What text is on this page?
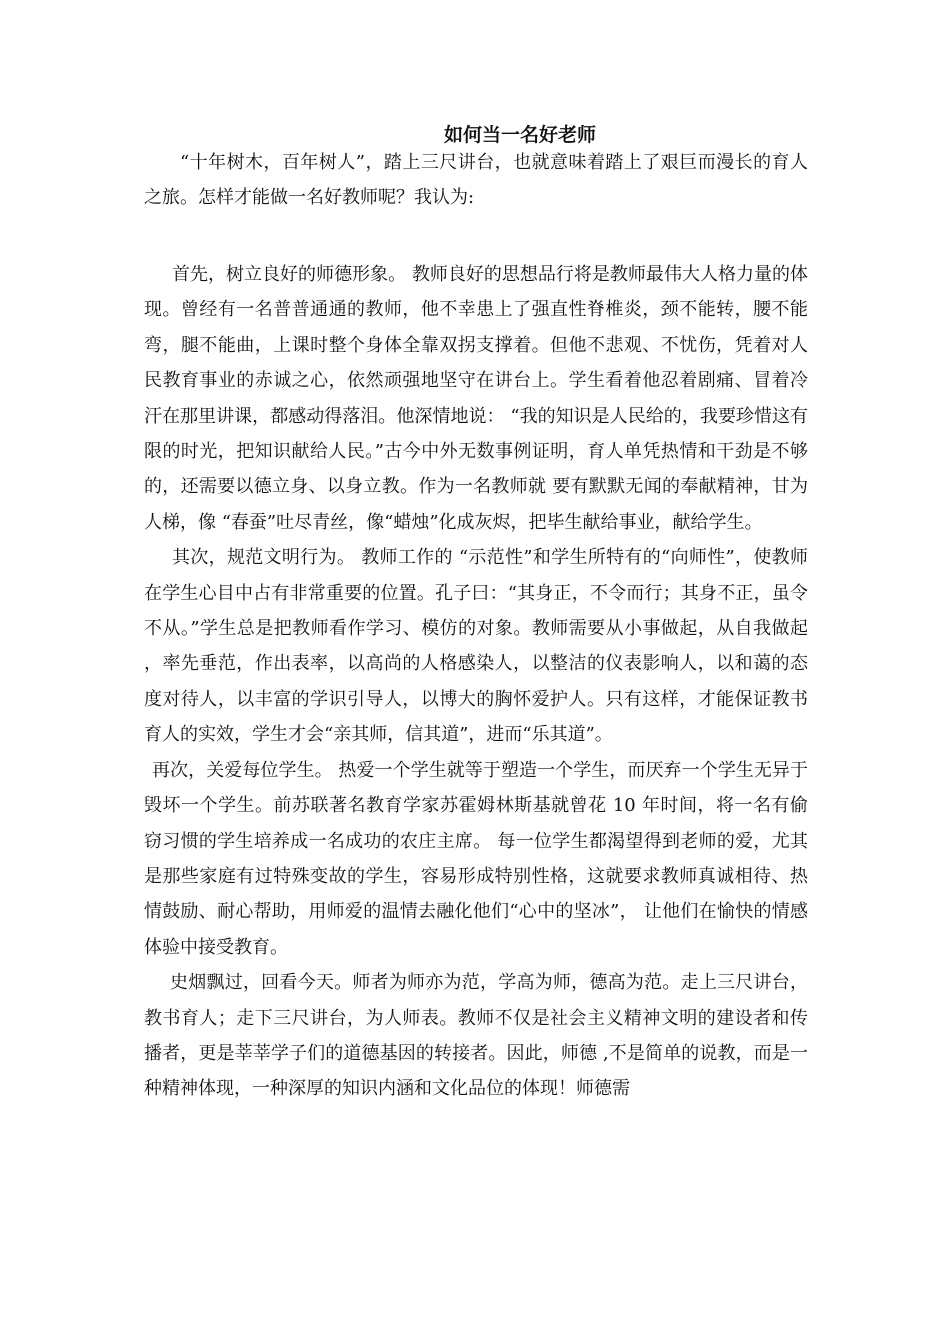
如何当一名好老师

“十年树木，百年树人”，踏上三尺讲台，也就意味着踏上了艰巨而漫长的育人之旅。怎样才能做一名好教师呢？我认为:

首先，树立良好的师德形象。 教师良好的思想品行将是教师最伟大人格力量的体现。曾经有一名普普通通的教师，他不幸患上了强直性脊椎炎，颈不能转，腰不能弯，腿不能曲，上课时整个身体全靠双拐支撑着。但他不悲观、不忧伤，凭着对人民教育事业的赤诚之心，依然顽强地坚守在讲台上。学生看着他忍着剧痛、冒着冷汗在那里讲课，都感动得落泪。他深情地说： “我的知识是人民给的，我要珍惜这有限的时光，把知识献给人民。”古今中外无数事例证明，育人单凭热情和干劲是不够的，还需要以德立身、以身立教。作为一名教师就 要有默默无闻的奉献精神，甘为人梯，像 “春蚕”吐尽青丝，像“蜡烛”化成灰烬，把毕生献给事业，献给学生。

其次，规范文明行为。 教师工作的 “示范性”和学生所特有的“向师性”，使教师在学生心目中占有非常重要的位置。孔子曰：“其身正，不令而行；其身不正，虽令不从。”学生总是把教师看作学习、模仿的对象。教师需要从小事做起，从自我做起，率先垂范，作出表率，以高尚的人格感染人，以整洁的仪表影响人，以和蔼的态度对待人，以丰富的学识引导人，以博大的胸怀爱护人。只有这样，才能保证教书育人的实效，学生才会“亲其师，信其道”，进而“乐其道”。

再次，关爱每位学生。 热爱一个学生就等于塑造一个学生，而厌弃一个学生无异于毁坏一个学生。前苏联著名教育学家苏霍姆林斯基就曾花 10 年时间，将一名有偷窃习惯的学生培养成一名成功的农庄主席。 每一位学生都渴望得到老师的爱，尤其是那些家庭有过特殊变故的学生，容易形成特别性格，这就要求教师真诚相待、热情鼓励、耐心帮助，用师爱的温情去融化他们“心中的坚冰”， 让他们在愉快的情感体验中接受教育。

史烟飘过，回看今天。师者为师亦为范，学高为师，德高为范。走上三尺讲台，教书育人；走下三尺讲台，为人师表。教师不仅是社会主义精神文明的建设者和传播者，更是莘莘学子们的道德基因的转接者。因此，师德 ,不是简单的说教，而是一种精神体现，一种深厚的知识内涵和文化品位的体现！师德需
